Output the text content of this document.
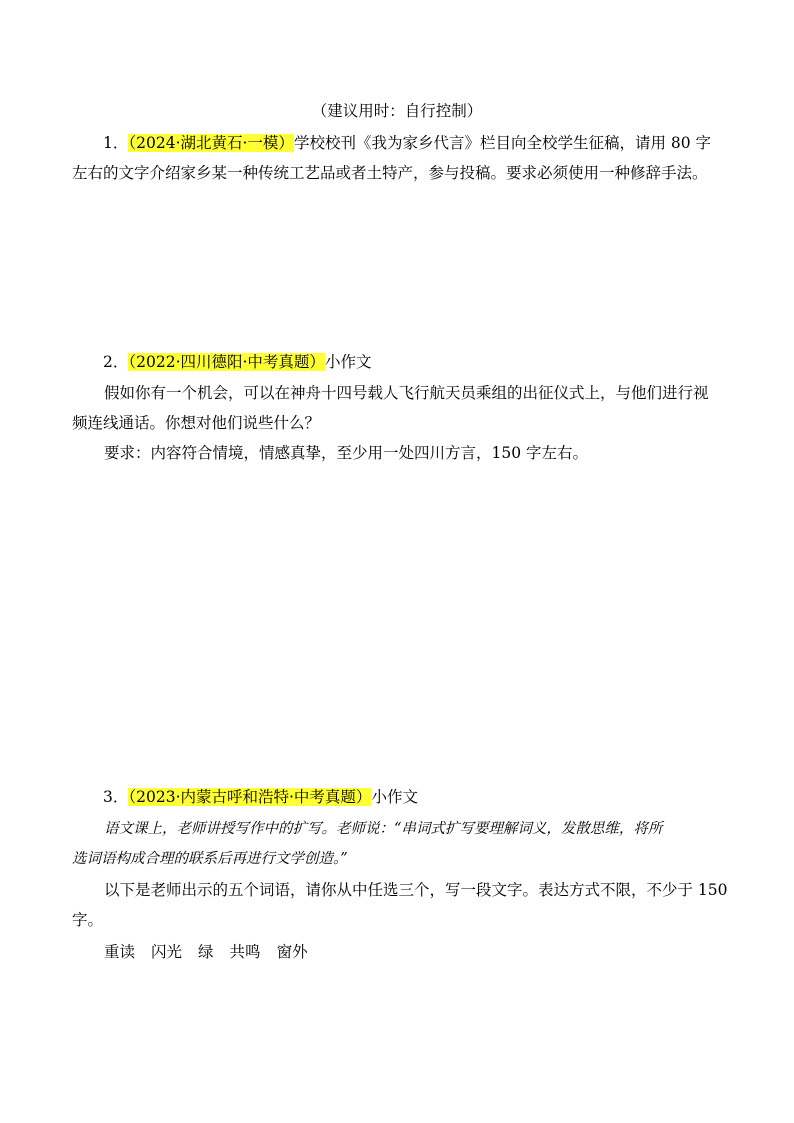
（建议用时：自行控制）
1．（2024·湖北黄石·一模）学校校刊《我为家乡代言》栏目向全校学生征稿，请用 80 字
左右的文字介绍家乡某一种传统工艺品或者土特产，参与投稿。要求必须使用一种修辞手法。
2．（2022·四川德阳·中考真题）小作文
假如你有一个机会，可以在神舟十四号载人飞行航天员乘组的出征仪式上，与他们进行视
频连线通话。你想对他们说些什么？
要求：内容符合情境，情感真挚，至少用一处四川方言，150 字左右。
3．（2023·内蒙古呼和浩特·中考真题）小作文
语文课上，老师讲授写作中的扩写。老师说：“串词式扩写要理解词义，发散思维，将所
选词语构成合理的联系后再进行文学创造。”
以下是老师出示的五个词语，请你从中任选三个，写一段文字。表达方式不限，不少于 150
字。
重读 闪光 绿 共鸣 窗外
